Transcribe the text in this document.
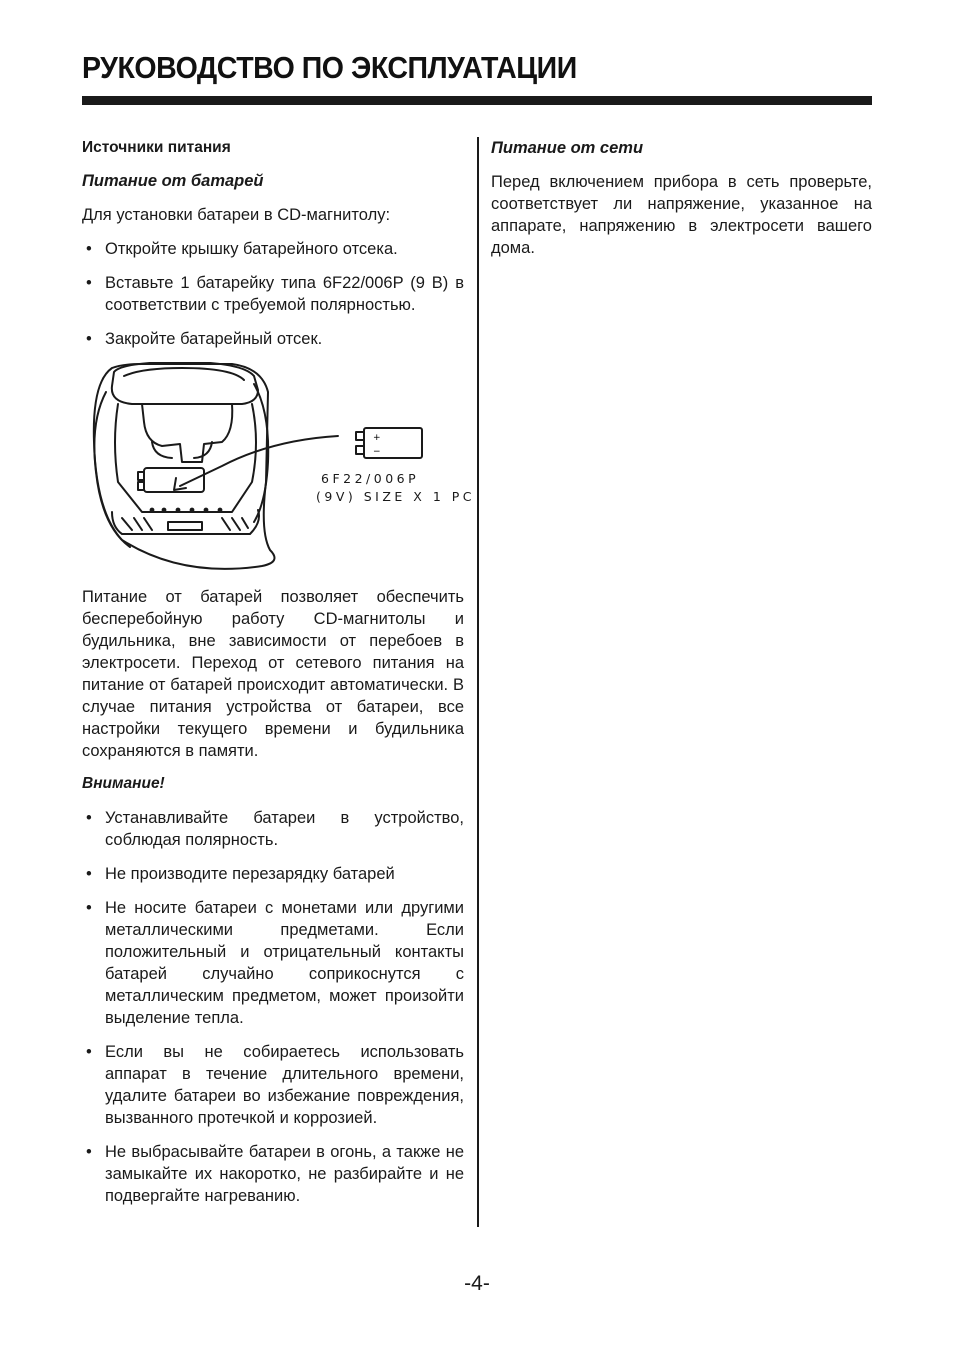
РУКОВОДСТВО ПО ЭКСПЛУАТАЦИИ
Источники питания
Питание от батарей

Для установки батареи в CD-магнитолу:

• Откройте крышку батарейного отсека.
• Вставьте 1 батарейку типа 6F22/006P (9 В) в соответствии с требуемой полярностью.
• Закройте батарейный отсек.
+
−
6F22/006P
(9V) SIZE X 1 PC

Питание от батарей позволяет обеспечить бесперебойную работу CD-магнитолы и будильника, вне зависимости от перебоев в электросети. Переход от сетевого питания на питание от батарей происходит автоматически. В случае питания устройства от батареи, все настройки текущего времени и будильника сохраняются в памяти.

Внимание!
• Устанавливайте батареи в устройство, соблюдая полярность.
• Не производите перезарядку батарей
• Не носите батареи с монетами или другими металлическими предметами. Если положительный и отрицательный контакты батарей случайно соприкоснутся с металлическим предметом, может произойти выделение тепла.
• Если вы не собираетесь использовать аппарат в течение длительного времени, удалите батареи во избежание повреждения, вызванного протечкой и коррозией.
• Не выбрасывайте батареи в огонь, а также не замыкайте их накоротко, не разбирайте и не подвергайте нагреванию.
Питание от сети

Перед включением прибора в сеть проверьте, соответствует ли напряжение, указанное на аппарате, напряжению в электросети вашего дома.

-4-
